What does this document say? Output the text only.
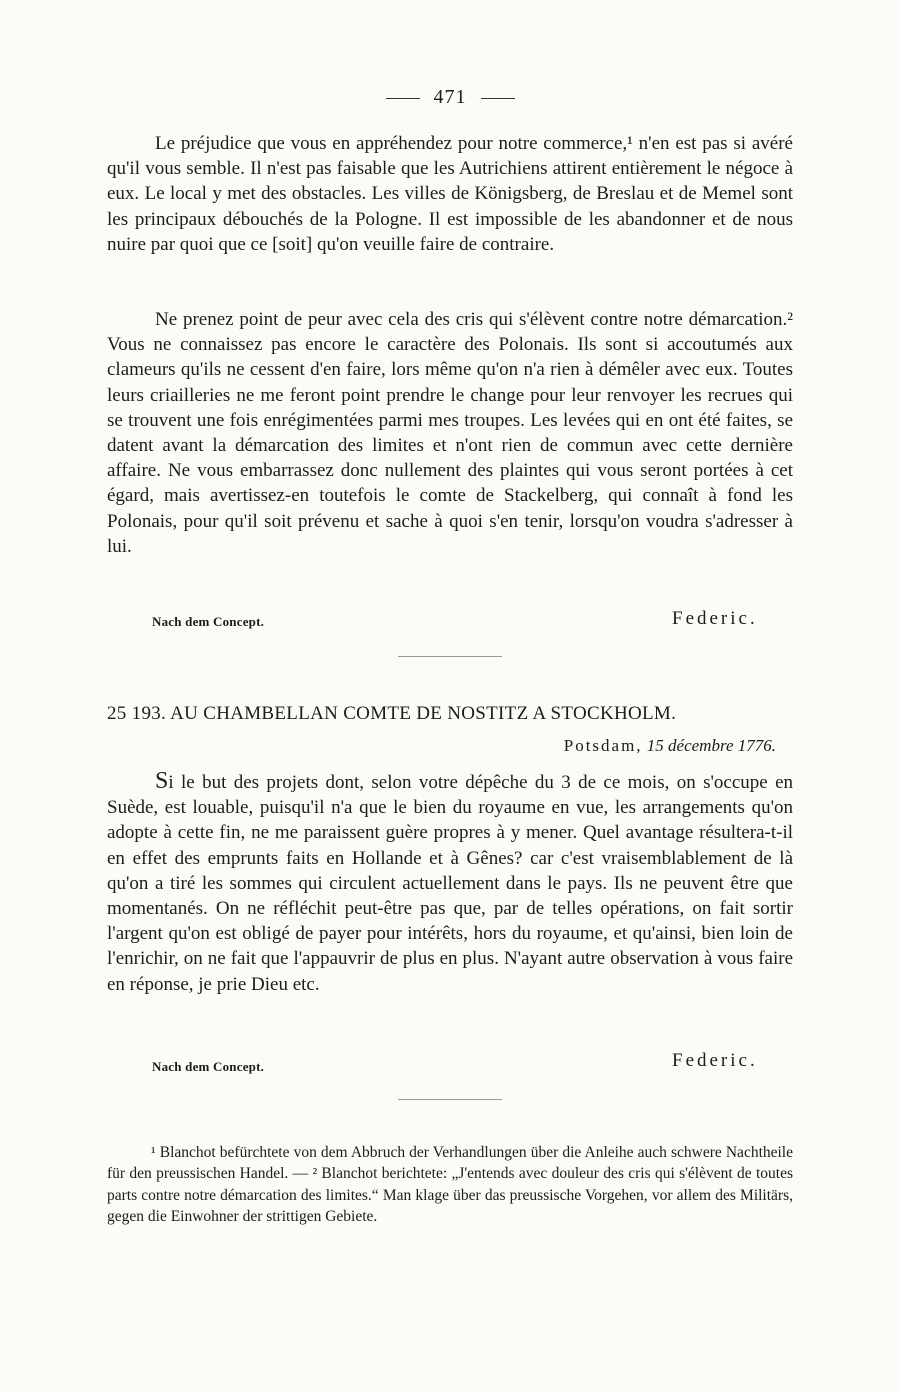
471

Le préjudice que vous en appréhendez pour notre commerce,¹ n'en est pas si avéré qu'il vous semble. Il n'est pas faisable que les Autrichiens attirent entièrement le négoce à eux. Le local y met des obstacles. Les villes de Königsberg, de Breslau et de Memel sont les principaux débouchés de la Pologne. Il est impossible de les abandonner et de nous nuire par quoi que ce [soit] qu'on veuille faire de contraire.

Ne prenez point de peur avec cela des cris qui s'élèvent contre notre démarcation.² Vous ne connaissez pas encore le caractère des Polonais. Ils sont si accoutumés aux clameurs qu'ils ne cessent d'en faire, lors même qu'on n'a rien à démêler avec eux. Toutes leurs criailleries ne me feront point prendre le change pour leur renvoyer les recrues qui se trouvent une fois enrégimentées parmi mes troupes. Les levées qui en ont été faites, se datent avant la démarcation des limites et n'ont rien de commun avec cette dernière affaire. Ne vous embarrassez donc nullement des plaintes qui vous seront portées à cet égard, mais avertissez-en toutefois le comte de Stackelberg, qui connaît à fond les Polonais, pour qu'il soit prévenu et sache à quoi s'en tenir, lorsqu'on voudra s'adresser à lui.

Nach dem Concept.	Federic.
25 193. AU CHAMBELLAN COMTE DE NOSTITZ A STOCKHOLM.
Potsdam, 15 décembre 1776.

Si le but des projets dont, selon votre dépêche du 3 de ce mois, on s'occupe en Suède, est louable, puisqu'il n'a que le bien du royaume en vue, les arrangements qu'on adopte à cette fin, ne me paraissent guère propres à y mener. Quel avantage résultera-t-il en effet des emprunts faits en Hollande et à Gênes? car c'est vraisemblablement de là qu'on a tiré les sommes qui circulent actuellement dans le pays. Ils ne peuvent être que momentanés. On ne réfléchit peut-être pas que, par de telles opérations, on fait sortir l'argent qu'on est obligé de payer pour intérêts, hors du royaume, et qu'ainsi, bien loin de l'enrichir, on ne fait que l'appauvrir de plus en plus. N'ayant autre observation à vous faire en réponse, je prie Dieu etc.

Nach dem Concept.	Federic.

¹ Blanchot befürchtete von dem Abbruch der Verhandlungen über die Anleihe auch schwere Nachtheile für den preussischen Handel. — ² Blanchot berichtete: „J'entends avec douleur des cris qui s'élèvent de toutes parts contre notre démarcation des limites.“ Man klage über das preussische Vorgehen, vor allem des Militärs, gegen die Einwohner der strittigen Gebiete.
